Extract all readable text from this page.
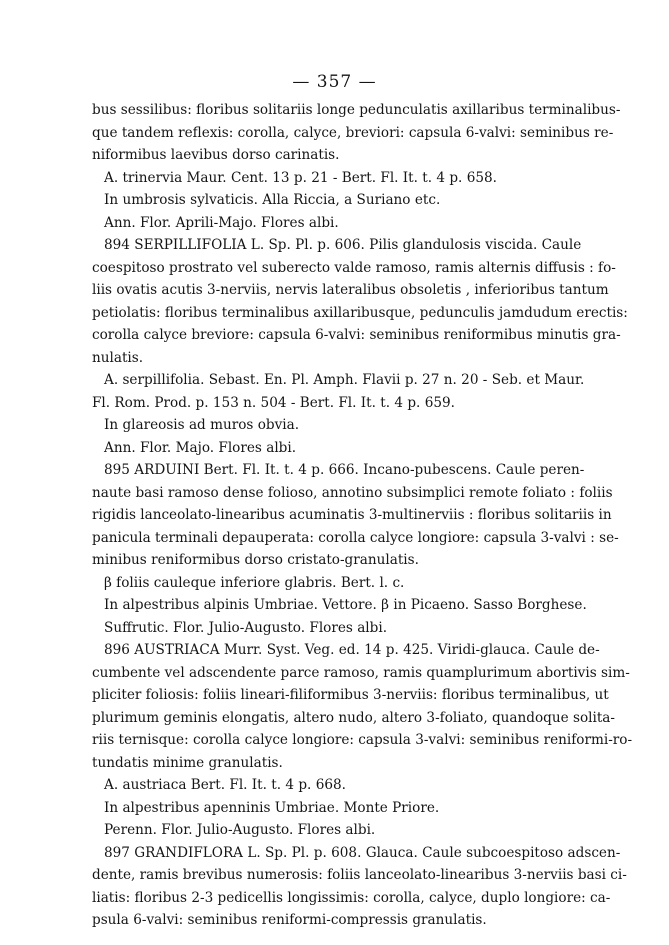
— 357 —
bus sessilibus: floribus solitariis longe pedunculatis axillaribus terminalibus-
que tandem reflexis: corolla, calyce, breviori: capsula 6-valvi: seminibus re-
niformibus laevibus dorso carinatis.
A. trinervia Maur. Cent. 13 p. 21 - Bert. Fl. It. t. 4 p. 658.
In umbrosis sylvaticis. Alla Riccia, a Suriano etc.
Ann. Flor. Aprili-Majo. Flores albi.
894 SERPILLIFOLIA L. Sp. Pl. p. 606. Pilis glandulosis viscida. Caule
coespitoso prostrato vel suberecto valde ramoso, ramis alternis diffusis : fo-
liis ovatis acutis 3-nerviis, nervis lateralibus obsoletis , inferioribus tantum
petiolatis: floribus terminalibus axillaribusque, pedunculis jamdudum erectis:
corolla calyce breviore: capsula 6-valvi: seminibus reniformibus minutis gra-
nulatis.
A. serpillifolia. Sebast. En. Pl. Amph. Flavii p. 27 n. 20 - Seb. et Maur.
Fl. Rom. Prod. p. 153 n. 504 - Bert. Fl. It. t. 4 p. 659.
In glareosis ad muros obvia.
Ann. Flor. Majo. Flores albi.
895 ARDUINI Bert. Fl. It. t. 4 p. 666. Incano-pubescens. Caule peren-
naute basi ramoso dense folioso, annotino subsimplici remote foliato : foliis
rigidis lanceolato-linearibus acuminatis 3-multinerviis : floribus solitariis in
panicula terminali depauperata: corolla calyce longiore: capsula 3-valvi : se-
minibus reniformibus dorso cristato-granulatis.
β foliis cauleque inferiore glabris. Bert. l. c.
In alpestribus alpinis Umbriae. Vettore. β in Picaeno. Sasso Borghese.
Suffrutic. Flor. Julio-Augusto. Flores albi.
896 AUSTRIACA Murr. Syst. Veg. ed. 14 p. 425. Viridi-glauca. Caule de-
cumbente vel adscendente parce ramoso, ramis quamplurimum abortivis sim-
pliciter foliosis: foliis lineari-filiformibus 3-nerviis: floribus terminalibus, ut
plurimum geminis elongatis, altero nudo, altero 3-foliato, quandoque solita-
riis ternisque: corolla calyce longiore: capsula 3-valvi: seminibus reniformi-ro-
tundatis minime granulatis.
A. austriaca Bert. Fl. It. t. 4 p. 668.
In alpestribus apenninis Umbriae. Monte Priore.
Perenn. Flor. Julio-Augusto. Flores albi.
897 GRANDIFLORA L. Sp. Pl. p. 608. Glauca. Caule subcoespitoso adscen-
dente, ramis brevibus numerosis: foliis lanceolato-linearibus 3-nerviis basi ci-
liatis: floribus 2-3 pedicellis longissimis: corolla, calyce, duplo longiore: ca-
psula 6-valvi: seminibus reniformi-compressis granulatis.
